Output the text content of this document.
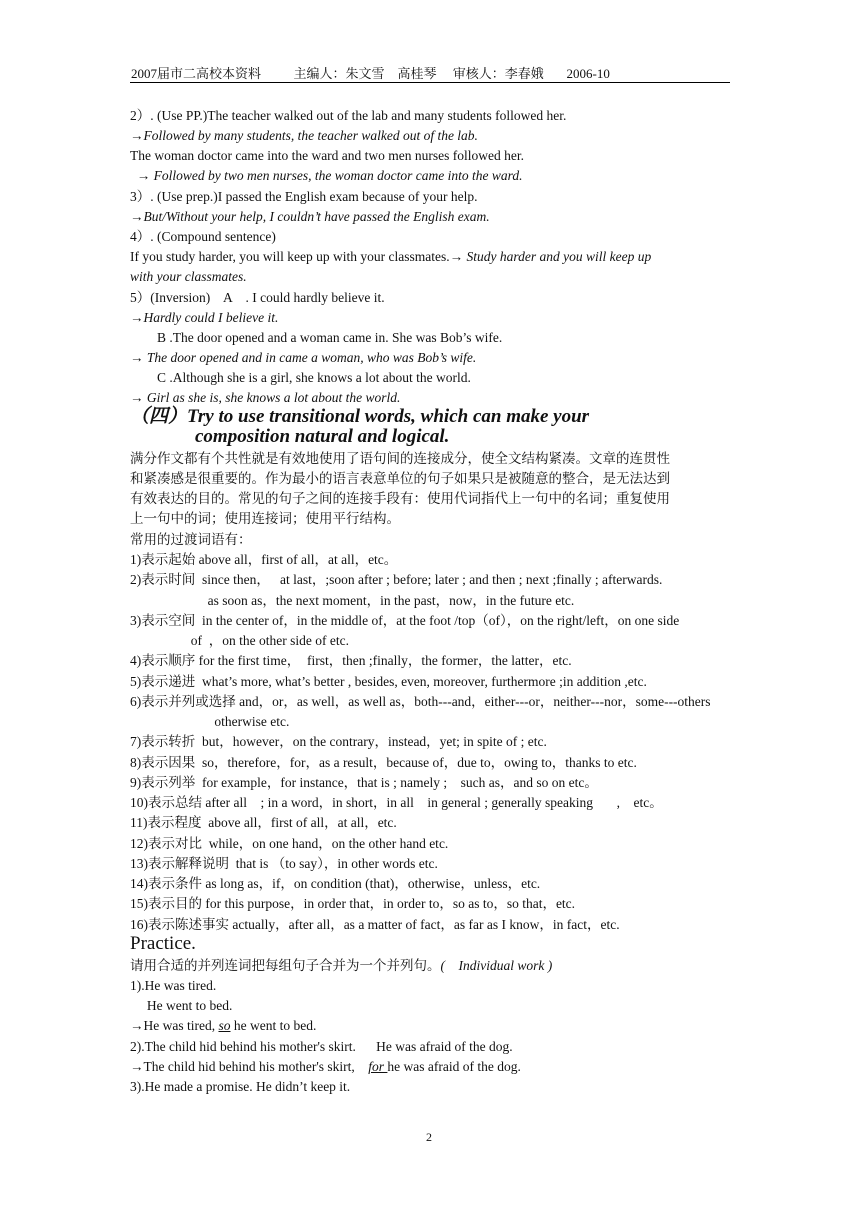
2007届市二高校本资料          主编人：朱文雪    高桂琴     审核人：李春娥       2006-10
2）. (Use PP.)The teacher walked out of the lab and many students followed her.
→Followed by many students, the teacher walked out of the lab.
The woman doctor came into the ward and two men nurses followed her.
→ Followed by two men nurses, the woman doctor came into the ward.
3）. (Use prep.)I passed the English exam because of your help.
→But/Without your help, I couldn’t have passed the English exam.
4）. (Compound sentence)
If you study harder, you will keep up with your classmates.→ Study harder and you will keep up
with your classmates.
5）(Inversion)    A    . I could hardly believe it.
→Hardly could I believe it.
B .The door opened and a woman came in. She was Bob’s wife.
→ The door opened and in came a woman, who was Bob’s wife.
C .Although she is a girl, she knows a lot about the world.
→ Girl as she is, she knows a lot about the world.
（四）Try to use transitional words, which can make your
composition natural and logical.
满分作文都有个共性就是有效地使用了语句间的连接成分，使全文结构紧凑。文章的连贯性
和紧凑感是很重要的。作为最小的语言表意单位的句子如果只是被随意的整合，是无法达到
有效表达的目的。常见的句子之间的连接手段有：使用代词指代上一句中的名词；重复使用
上一句中的词；使用连接词；使用平行结构。
常用的过渡词语有：
1)表示起始 above all，first of all，at all，etc。
2)表示时间  since then，   at last，;soon after ; before; later ; and then ; next ;finally ; afterwards.
as soon as，the next moment，in the past，now，in the future etc.
3)表示空间  in the center of，in the middle of，at the foot /top（of），on the right/left，on one side
of  ，on the other side of etc.
4)表示顺序 for the first time，  first，then ;finally，the former，the latter，etc.
5)表示递进  what’s more, what’s better , besides, even, moreover, furthermore ;in addition ,etc.
6)表示并列或选择 and，or，as well，as well as，both---and，either---or，neither---nor，some---others
otherwise etc.
7)表示转折  but，however，on the contrary，instead，yet; in spite of ; etc.
8)表示因果  so，therefore，for，as a result，because of，due to，owing to，thanks to etc.
9)表示列举  for example，for instance，that is ; namely ;    such as，and so on etc。
10)表示总结 after all    ; in a word，in short，in all    in general ; generally speaking       ,    etc。
11)表示程度  above all，first of all，at all，etc.
12)表示对比  while，on one hand，on the other hand etc.
13)表示解释说明  that is （to say），in other words etc.
14)表示条件 as long as，if，on condition (that)，otherwise，unless，etc.
15)表示目的 for this purpose，in order that，in order to，so as to，so that，etc.
16)表示陈述事实 actually，after all，as a matter of fact，as far as I know，in fact，etc.
Practice.
请用合适的并列连词把每组句子合并为一个并列句。(    Individual work )
1).He was tired.
He went to bed.
→He was tired, so he went to bed.
2).The child hid behind his mother's skirt.      He was afraid of the dog.
→The child hid behind his mother's skirt,    for he was afraid of the dog.
3).He made a promise. He didn’t keep it.
2
